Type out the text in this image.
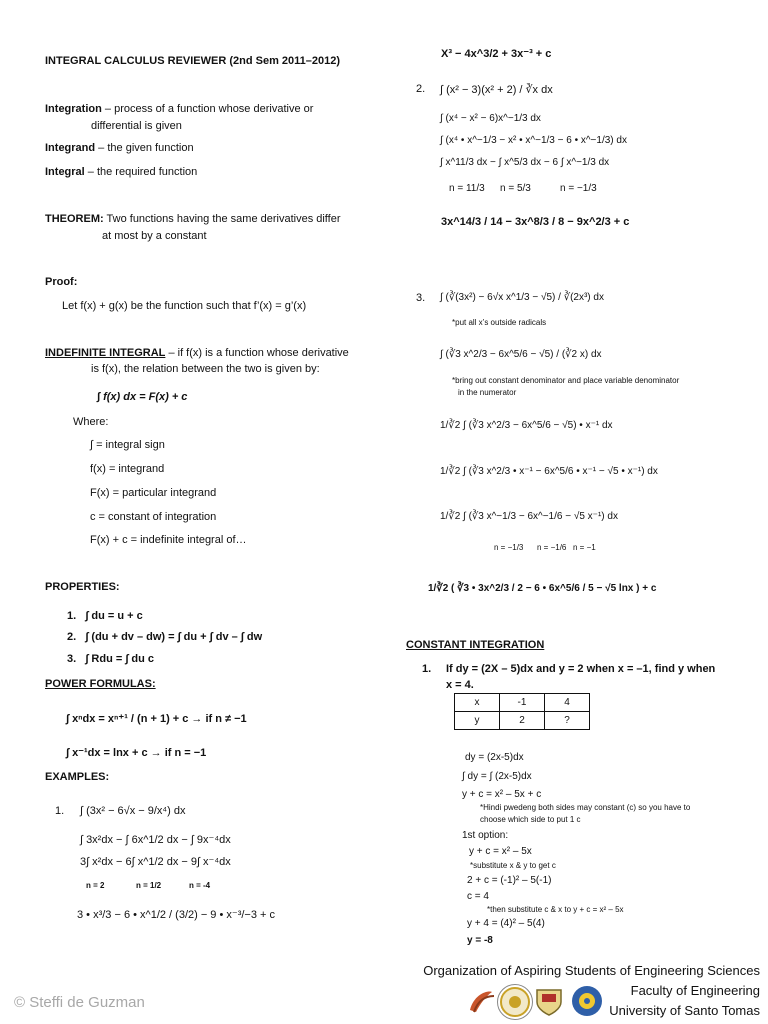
INTEGRAL CALCULUS REVIEWER (2nd Sem 2011–2012)
Integration – process of a function whose derivative or
differential is given
Integrand – the given function
Integral – the required function
THEOREM: Two functions having the same derivatives differ
at most by a constant
Proof:
Let f(x) + g(x) be the function such that f’(x) = g’(x)
INDEFINITE INTEGRAL – if f(x) is a function whose derivative
is f(x), the relation between the two is given by:
∫ f(x) dx = F(x) + c
Where:
∫ = integral sign
f(x) = integrand
F(x) = particular integrand
c = constant of integration
F(x) + c = indefinite integral of…
PROPERTIES:
1. ∫ du = u + c
2. ∫ (du + dv – dw) = ∫ du + ∫ dv – ∫ dw
3. ∫ Rdu = ∫ du c
POWER FORMULAS:
∫ xⁿdx = xⁿ⁺¹ / (n + 1) + c → if n ≠ −1
∫ x⁻¹dx = lnx + c → if n = −1
EXAMPLES:
1. ∫ (3x² − 6√x − 9/x⁴) dx
∫ 3x²dx − ∫ 6x^1/2 dx − ∫ 9x⁻⁴dx
3∫ x²dx − 6∫ x^1/2 dx − 9∫ x⁻⁴dx
n = 2	n = 1/2	n = -4
3 • x³/3 − 6 • x^1/2 / (3/2) − 9 • x⁻³/−3 + c
X³ − 4x^3/2 + 3x⁻³ + c
2. ∫ (x² − 3)(x² + 2) / ∛x dx
∫ (x⁴ − x² − 6)x^−1/3 dx
∫ (x⁴ • x^−1/3 − x² • x^−1/3 − 6 • x^−1/3) dx
∫ x^11/3 dx − ∫ x^5/3 dx − 6 ∫ x^−1/3 dx
n = 11/3 n = 5/3	n = −1/3
3x^14/3 / 14 − 3x^8/3 / 8 − 9x^2/3 + c
3. ∫ (∛(3x²) − 6√x x^1/3 − √5) / ∛(2x³) dx
*put all x’s outside radicals
∫ (∛3 x^2/3 − 6x^5/6 − √5) / (∛2 x) dx
*bring out constant denominator and place variable denominator
in the numerator
1/∛2 ∫ (∛3 x^2/3 − 6x^5/6 − √5) • x⁻¹ dx
1/∛2 ∫ (∛3 x^2/3 • x⁻¹ − 6x^5/6 • x⁻¹ − √5 • x⁻¹) dx
1/∛2 ∫ (∛3 x^−1/3 − 6x^−1/6 − √5 x⁻¹) dx
n = −1/3 n = −1/6 n = −1
1/∛2 ( ∛3 • 3x^2/3 / 2 − 6 • 6x^5/6 / 5 − √5 lnx ) + c
CONSTANT INTEGRATION
1. If dy = (2X – 5)dx and y = 2 when x = –1, find y when
x = 4.
x	-1	4
y	2	?
dy = (2x-5)dx
∫ dy = ∫ (2x-5)dx
y + c = x² – 5x + c
*Hindi pwedeng both sides may constant (c) so you have to
choose which side to put 1 c
1st option:
y + c = x² – 5x
*substitute x & y to get c
2 + c = (-1)² – 5(-1)
c = 4
*then substitute c & x to y + c = x² – 5x
y + 4 = (4)² – 5(4)
y = -8
© Steffi de Guzman
Organization of Aspiring Students of Engineering Sciences
Faculty of Engineering
University of Santo Tomas
